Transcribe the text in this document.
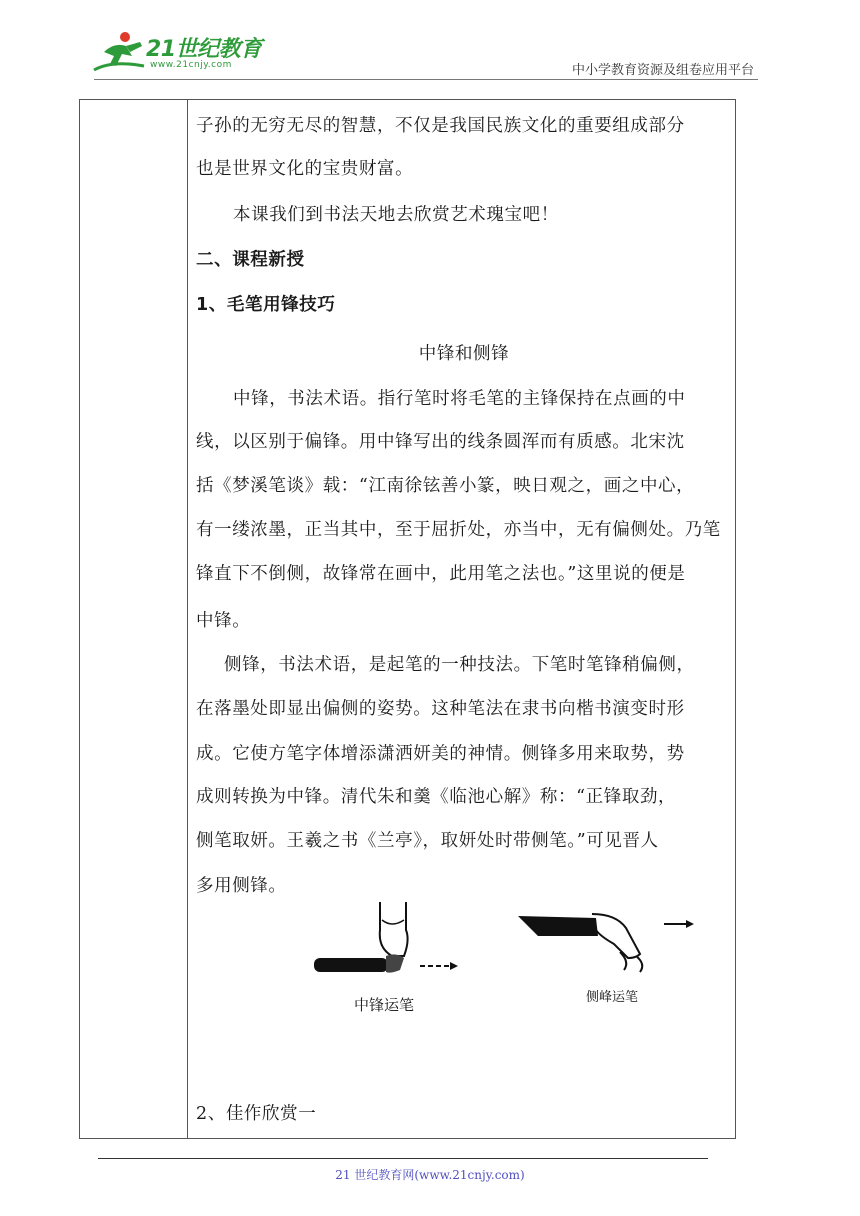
21世纪教育
www.21cnjy.com	中小学教育资源及组卷应用平台
子孙的无穷无尽的智慧，不仅是我国民族文化的重要组成部分
也是世界文化的宝贵财富。
本课我们到书法天地去欣赏艺术瑰宝吧！
二、课程新授
1、毛笔用锋技巧
中锋和侧锋
中锋，书法术语。指行笔时将毛笔的主锋保持在点画的中
线，以区别于偏锋。用中锋写出的线条圆浑而有质感。北宋沈
括《梦溪笔谈》载：“江南徐铉善小篆，映日观之，画之中心，
有一缕浓墨，正当其中，至于屈折处，亦当中，无有偏侧处。乃笔
锋直下不倒侧，故锋常在画中，此用笔之法也。”这里说的便是
中锋。
侧锋，书法术语，是起笔的一种技法。下笔时笔锋稍偏侧，
在落墨处即显出偏侧的姿势。这种笔法在隶书向楷书演变时形
成。它使方笔字体增添潇洒妍美的神情。侧锋多用来取势，势
成则转换为中锋。清代朱和羹《临池心解》称：“正锋取劲，
侧笔取妍。王羲之书《兰亭》，取妍处时带侧笔。”可见晋人
多用侧锋。
2、佳作欣赏一
中锋运笔	侧峰运笔
21 世纪教育网(www.21cnjy.com)
